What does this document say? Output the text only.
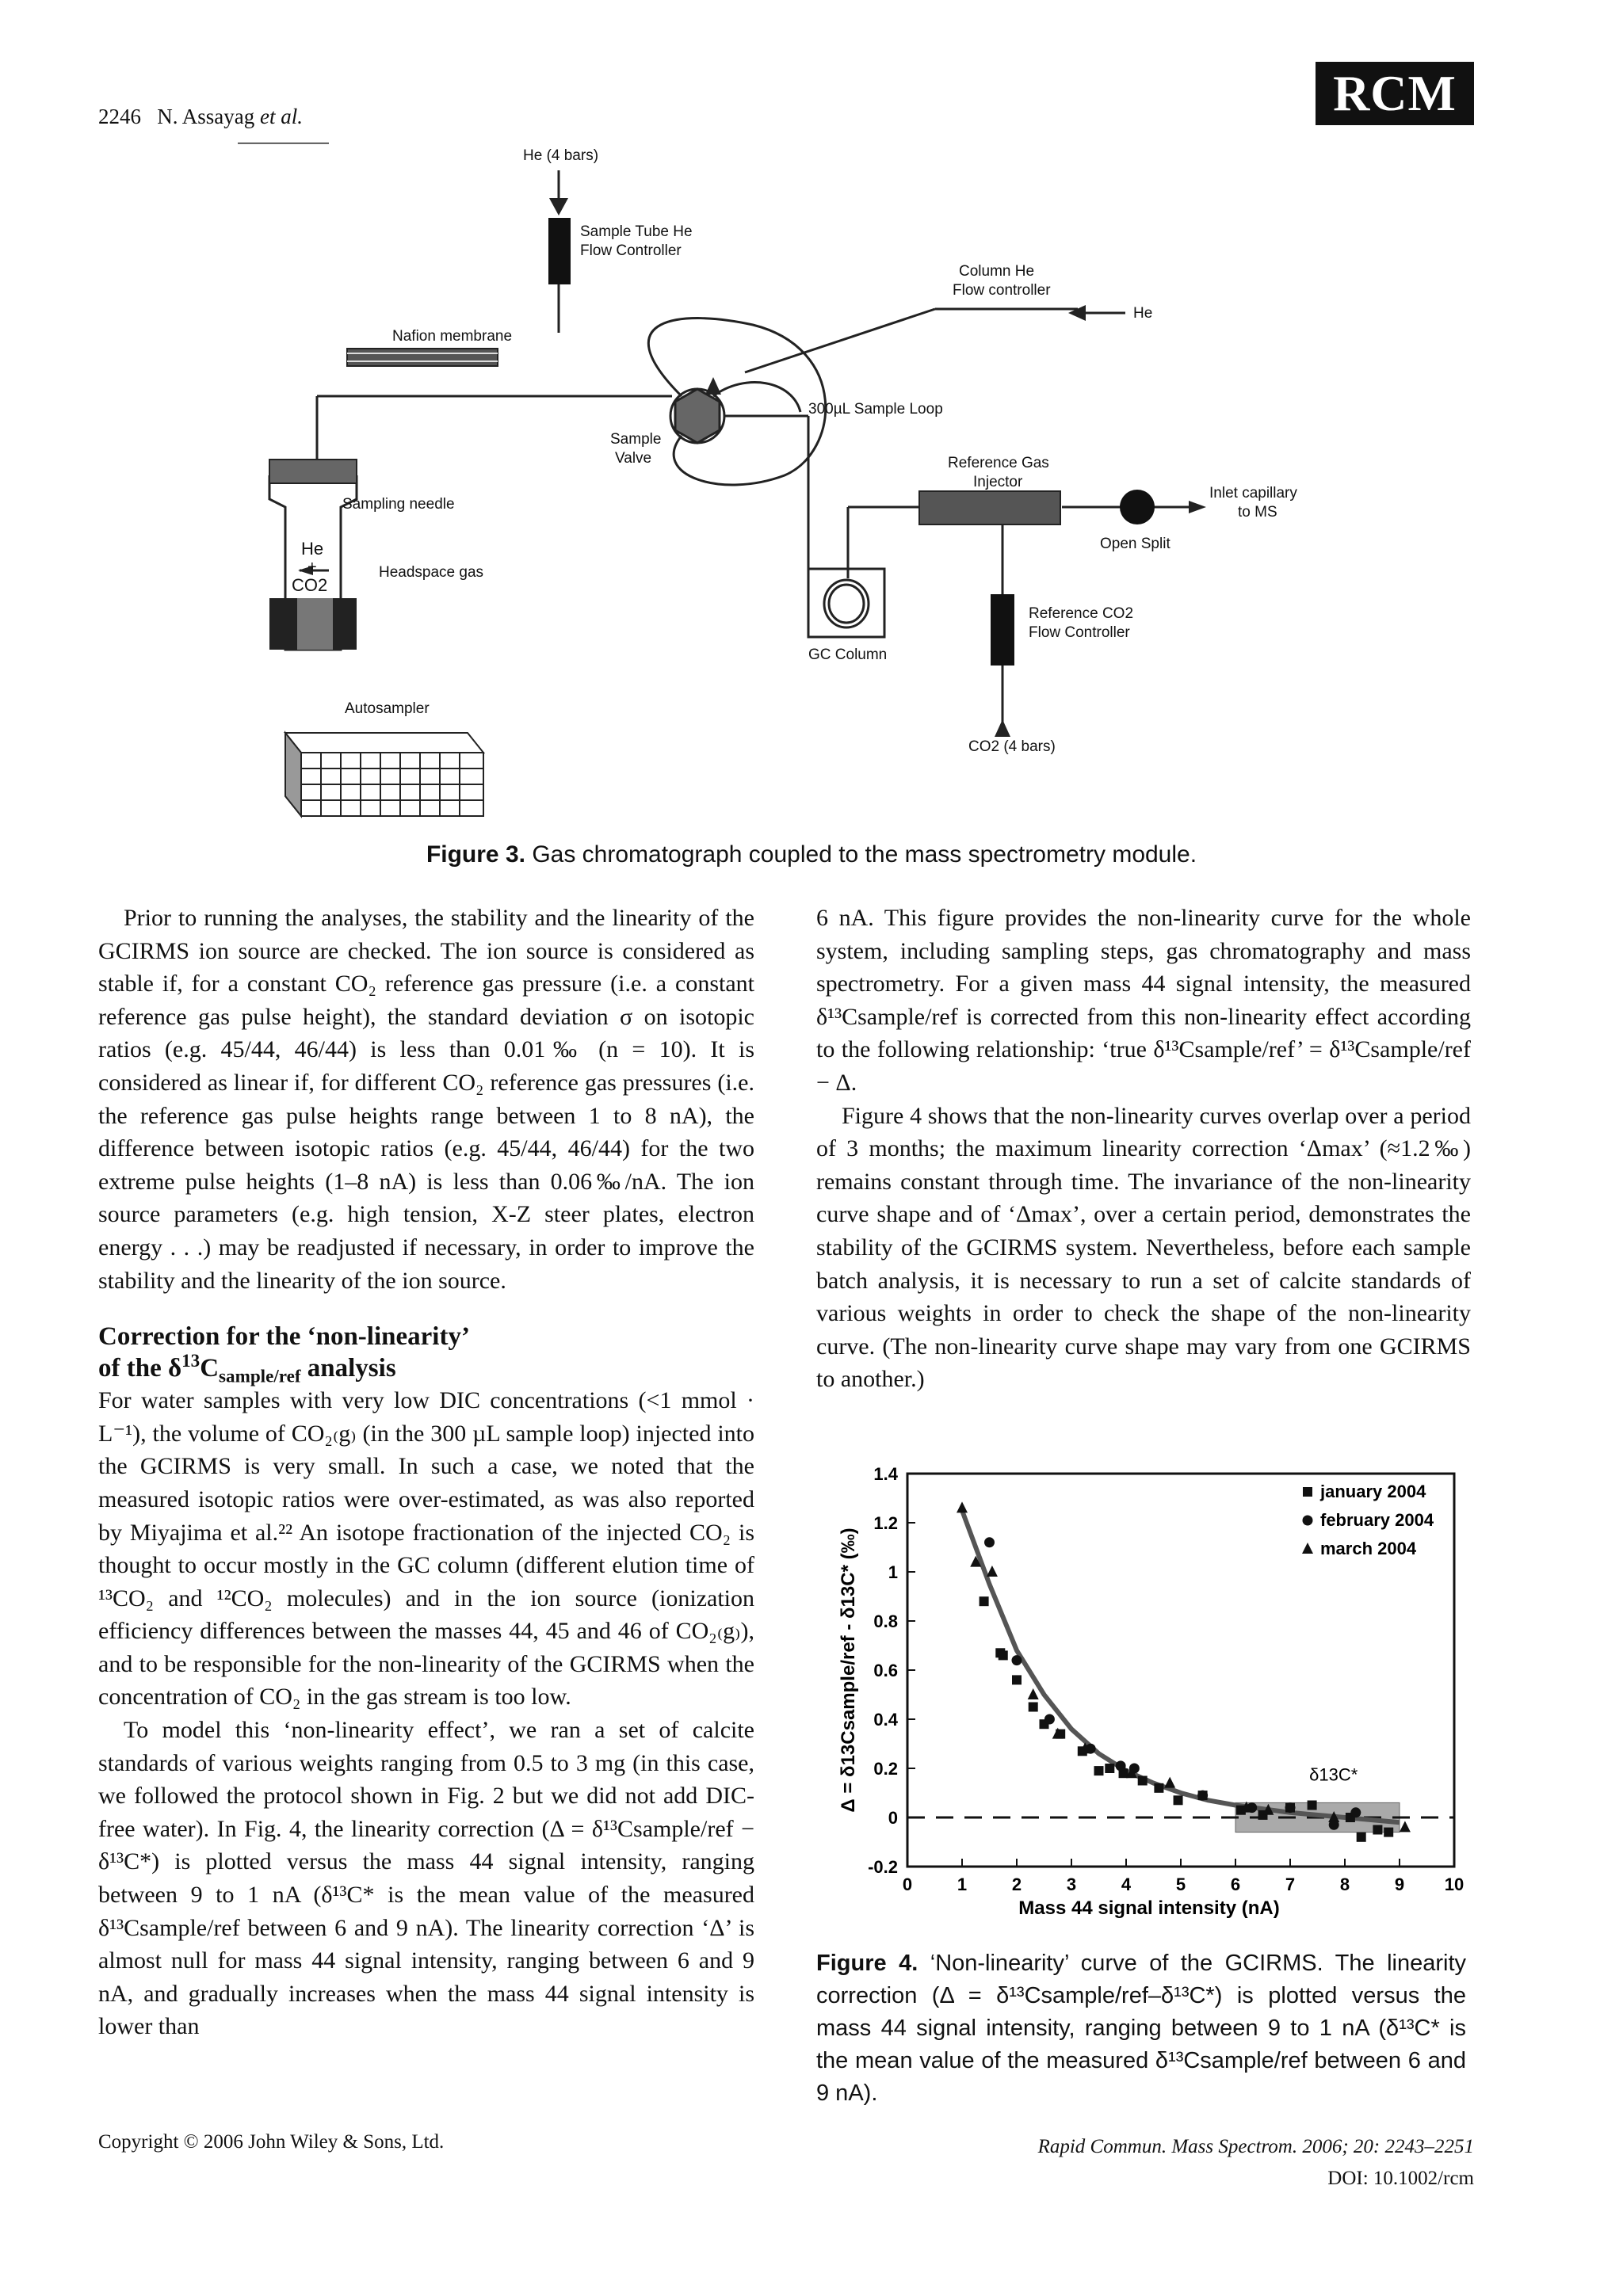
2246 N. Assayag et al.	RCM
He (4 bars)
Sample Tube He
Flow Controller
Column He
Flow controller
He
Nafion membrane
300µL Sample Loop
Sample
Valve	Reference Gas
Injector
Inlet capillary
to MS
Open Split
Sampling needle
He
+
CO2
Headspace gas
GC Column
Reference CO2
Flow Controller
Autosampler
CO2 (4 bars)
Figure 3. Gas chromatograph coupled to the mass spectrometry module.

Prior to running the analyses, the stability and the linearity of the GCIRMS ion source are checked. The ion source is considered as stable if, for a constant CO₂ reference gas pressure (i.e. a constant reference gas pulse height), the standard deviation σ on isotopic ratios (e.g. 45/44, 46/44) is less than 0.01‰ (n = 10). It is considered as linear if, for different CO₂ reference gas pressures (i.e. the reference gas pulse heights range between 1 to 8 nA), the difference between isotopic ratios (e.g. 45/44, 46/44) for the two extreme pulse heights (1–8 nA) is less than 0.06‰/nA. The ion source parameters (e.g. high tension, X-Z steer plates, electron energy . . .) may be readjusted if necessary, in order to improve the stability and the linearity of the ion source.

Correction for the ‘non-linearity’
of the $\delta^{13}C_{sample/ref}$ analysis

For water samples with very low DIC concentrations (<1 mmol · L⁻¹), the volume of CO₂₍g₎ (in the 300 µL sample loop) injected into the GCIRMS is very small. In such a case, we noted that the measured isotopic ratios were over-estimated, as was also reported by Miyajima et al.²² An isotope fractionation of the injected CO₂ is thought to occur mostly in the GC column (different elution time of ¹³CO₂ and ¹²CO₂ molecules) and in the ion source (ionization efficiency differences between the masses 44, 45 and 46 of CO₂₍g₎), and to be responsible for the non-linearity of the GCIRMS when the concentration of CO₂ in the gas stream is too low.

To model this ‘non-linearity effect’, we ran a set of calcite standards of various weights ranging from 0.5 to 3 mg (in this case, we followed the protocol shown in Fig. 2 but we did not add DIC-free water). In Fig. 4, the linearity correction (Δ = δ¹³Csample/ref − δ¹³C*) is plotted versus the mass 44 signal intensity, ranging between 9 to 1 nA (δ¹³C* is the mean value of the measured δ¹³Csample/ref between 6 and 9 nA). The linearity correction ‘Δ’ is almost null for mass 44 signal intensity, ranging between 6 and 9 nA, and gradually increases when the mass 44 signal intensity is lower than

6 nA. This figure provides the non-linearity curve for the whole system, including sampling steps, gas chromatography and mass spectrometry. For a given mass 44 signal intensity, the measured δ¹³Csample/ref is corrected from this non-linearity effect according to the following relationship: ‘true δ¹³Csample/ref’ = δ¹³Csample/ref − Δ.

Figure 4 shows that the non-linearity curves overlap over a period of 3 months; the maximum linearity correction ‘Δmax’ (≈1.2‰) remains constant through time. The invariance of the non-linearity curve shape and of ‘Δmax’, over a certain period, demonstrates the stability of the GCIRMS system. Nevertheless, before each sample batch analysis, it is necessary to run a set of calcite standards of various weights in order to check the shape of the non-linearity curve. (The non-linearity curve shape may vary from one GCIRMS to another.)

0	1	2	3	4	5	6	7	8	9 10
-0.2
0
0.2
0.4
0.6
0.8
1
1.2
1.4
Mass 44 signal intensity (nA)
Δ = δ13Csample/ref - δ13C* (‰)
january 2004
february 2004
march 2004
δ13C*
Figure 4. ‘Non-linearity’ curve of the GCIRMS. The linearity correction (Δ = δ¹³Csample/ref–δ¹³C*) is plotted versus the mass 44 signal intensity, ranging between 9 to 1 nA (δ¹³C* is the mean value of the measured δ¹³Csample/ref between 6 and 9 nA).
Copyright © 2006 John Wiley & Sons, Ltd.	Rapid Commun. Mass Spectrom. 2006; 20: 2243–2251
DOI: 10.1002/rcm
